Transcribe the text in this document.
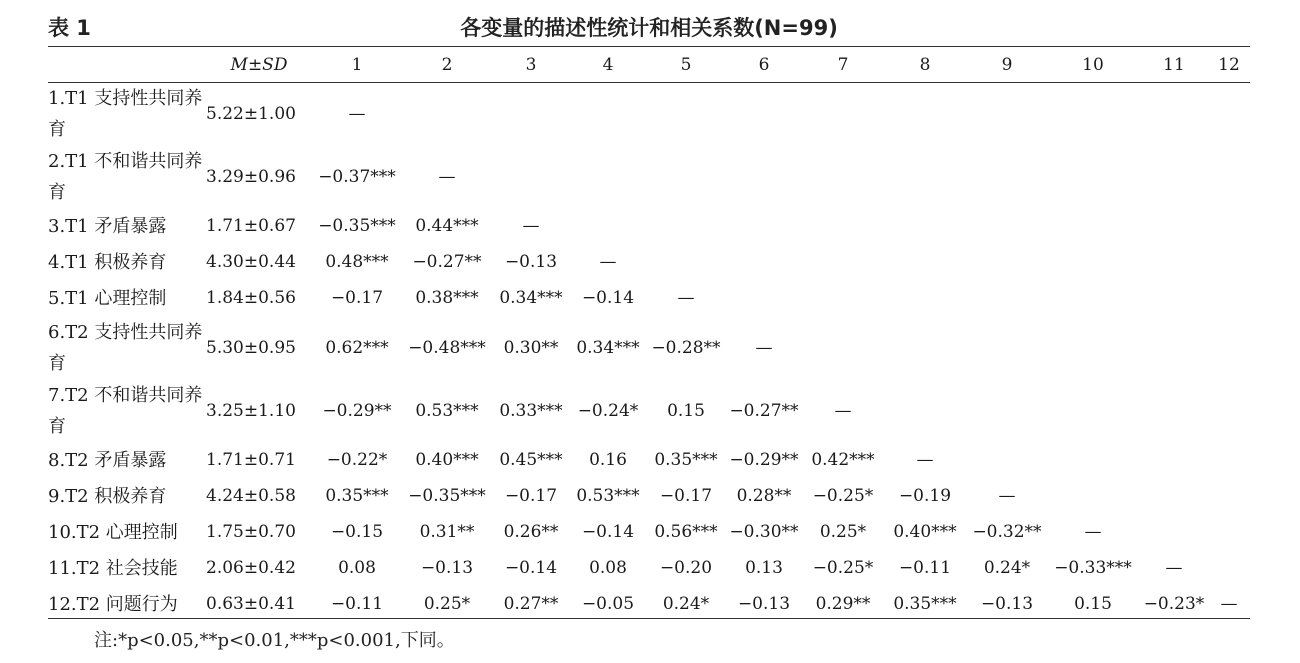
表 1	各变量的描述性统计和相关系数(N=99)
	M±SD	1	2	3	4	5	6	7	8	9	10	11	12
1.T1 支持性共同养育	5.22±1.00	—											
2.T1 不和谐共同养育	3.29±0.96	−0.37***	—										
3.T1 矛盾暴露	1.71±0.67	−0.35***	0.44***	—									
4.T1 积极养育	4.30±0.44	0.48***	−0.27**	−0.13	—								
5.T1 心理控制	1.84±0.56	−0.17	0.38***	0.34***	−0.14	—							
6.T2 支持性共同养育	5.30±0.95	0.62***	−0.48***	0.30**	0.34***	−0.28**	—						
7.T2 不和谐共同养育	3.25±1.10	−0.29**	0.53***	0.33***	−0.24*	0.15	−0.27**	—					
8.T2 矛盾暴露	1.71±0.71	−0.22*	0.40***	0.45***	0.16	0.35***	−0.29**	0.42***	—				
9.T2 积极养育	4.24±0.58	0.35***	−0.35***	−0.17	0.53***	−0.17	0.28**	−0.25*	−0.19	—			
10.T2 心理控制	1.75±0.70	−0.15	0.31**	0.26**	−0.14	0.56***	−0.30**	0.25*	0.40***	−0.32**	—		
11.T2 社会技能	2.06±0.42	0.08	−0.13	−0.14	0.08	−0.20	0.13	−0.25*	−0.11	0.24*	−0.33***	—	
12.T2 问题行为	0.63±0.41	−0.11	0.25*	0.27**	−0.05	0.24*	−0.13	0.29**	0.35***	−0.13	0.15	−0.23*	—
注:*p<0.05,**p<0.01,***p<0.001,下同。
